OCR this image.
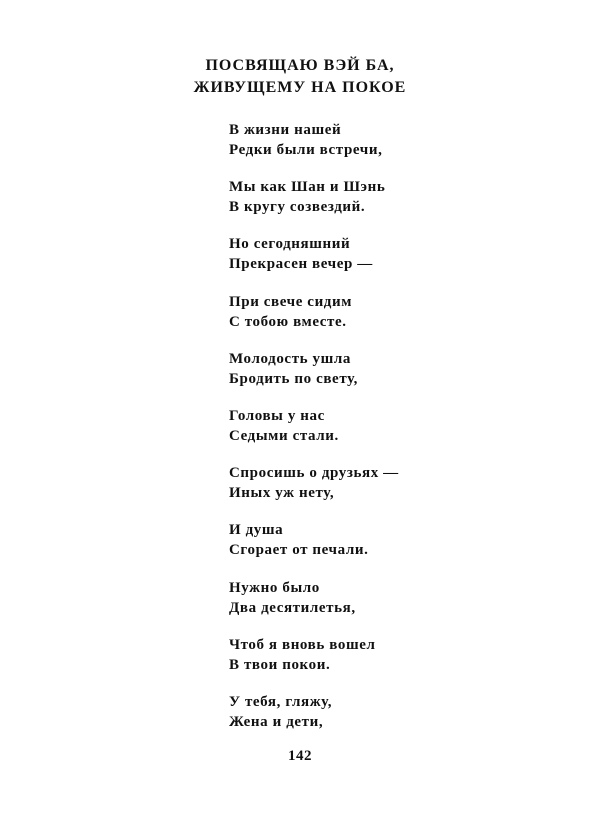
ПОСВЯЩАЮ ВЭЙ БА,
ЖИВУЩЕМУ НА ПОКОЕ
В жизни нашей
Редки были встречи,
Мы как Шан и Шэнь
В кругу созвездий.
Но сегодняшний
Прекрасен вечер —
При свече сидим
С тобою вместе.
Молодость ушла
Бродить по свету,
Головы у нас
Седыми стали.
Спросишь о друзьях —
Иных уж нету,
И душа
Сгорает от печали.
Нужно было
Два десятилетья,
Чтоб я вновь вошел
В твои покои.
У тебя, гляжу,
Жена и дети,
142
